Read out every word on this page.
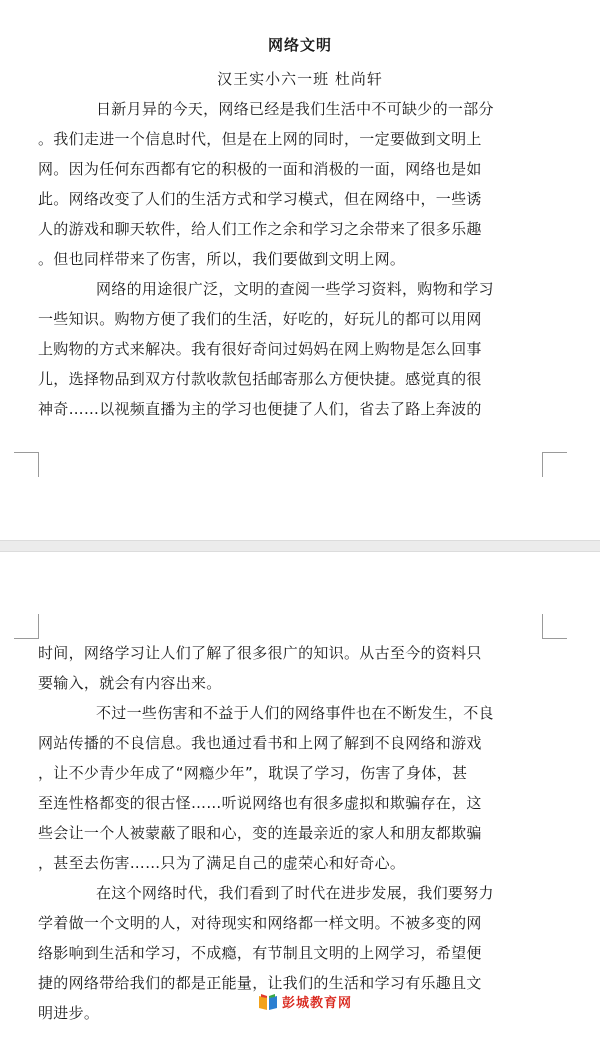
网络文明
汉王实小六一班 杜尚轩
日新月异的今天，网络已经是我们生活中不可缺少的一部分
。我们走进一个信息时代，但是在上网的同时，一定要做到文明上
网。因为任何东西都有它的积极的一面和消极的一面，网络也是如
此。网络改变了人们的生活方式和学习模式，但在网络中，一些诱
人的游戏和聊天软件，给人们工作之余和学习之余带来了很多乐趣
。但也同样带来了伤害，所以，我们要做到文明上网。
网络的用途很广泛，文明的查阅一些学习资料，购物和学习
一些知识。购物方便了我们的生活，好吃的，好玩儿的都可以用网
上购物的方式来解决。我有很好奇问过妈妈在网上购物是怎么回事
儿，选择物品到双方付款收款包括邮寄那么方便快捷。感觉真的很
神奇……以视频直播为主的学习也便捷了人们，省去了路上奔波的
时间，网络学习让人们了解了很多很广的知识。从古至今的资料只
要输入，就会有内容出来。
不过一些伤害和不益于人们的网络事件也在不断发生，不良
网站传播的不良信息。我也通过看书和上网了解到不良网络和游戏
，让不少青少年成了“网瘾少年”，耽误了学习，伤害了身体，甚
至连性格都变的很古怪……听说网络也有很多虚拟和欺骗存在，这
些会让一个人被蒙蔽了眼和心，变的连最亲近的家人和朋友都欺骗
，甚至去伤害……只为了满足自己的虚荣心和好奇心。
在这个网络时代，我们看到了时代在进步发展，我们要努力
学着做一个文明的人，对待现实和网络都一样文明。不被多变的网
络影响到生活和学习，不成瘾，有节制且文明的上网学习，希望便
捷的网络带给我们的都是正能量，让我们的生活和学习有乐趣且文
明进步。
彭城教育网
